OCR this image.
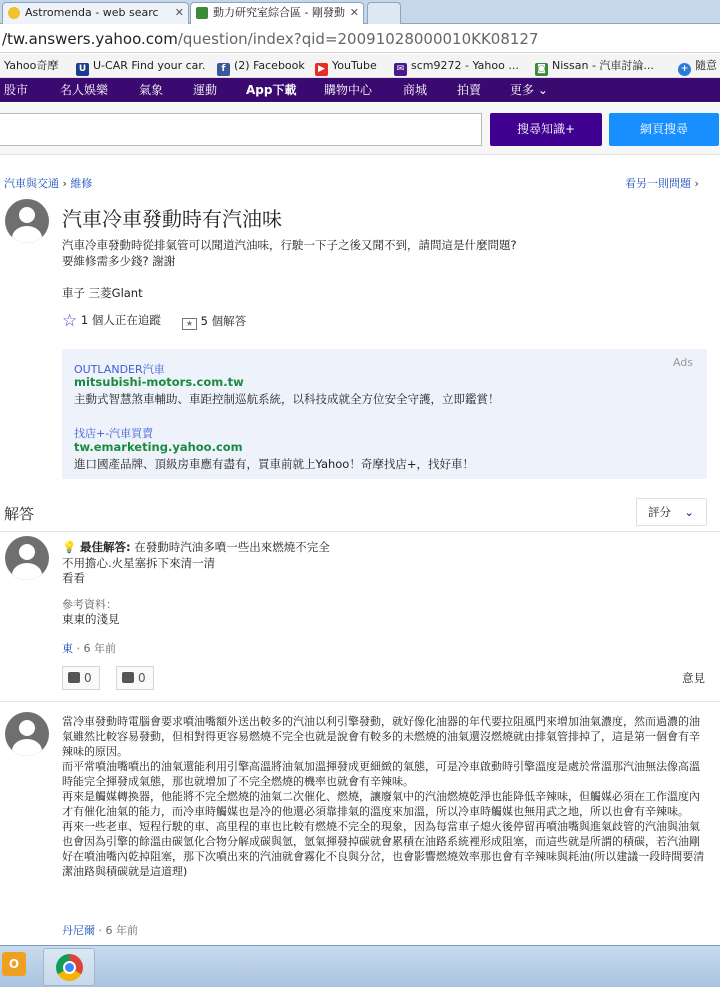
Astromenda - web searc ✕	動力研究室綜合區 - 剛發動 ✕
/tw.answers.yahoo.com/question/index?qid=20091028000010KK08127
Yahoo奇摩	U U-CAR Find your car.	f (2) Facebook	▶ YouTube	✉ scm9272 - Yahoo ... ◙ Nissan - 汽車討論...	+ 隨意
股市	名人娛樂	氣象 運動 App下載 購物中心	商城 拍賣 更多 ⌄
搜尋知識+	網頁搜尋
汽車與交通 › 維修	看另一則問題 ›
汽車冷車發動時有汽油味
汽車冷車發動時從排氣管可以聞道汽油味，行駛一下子之後又聞不到，請問這是什麼問題?
要維修需多少錢? 謝謝
車子 三菱Glant
☆ 1 個人正在追蹤	★ 5 個解答
Ads
OUTLANDER汽車
mitsubishi-motors.com.tw
主動式智慧煞車輔助、車距控制巡航系統，以科技成就全方位安全守護，立即鑑賞！
找店+-汽車買賣
tw.emarketing.yahoo.com
進口國產品牌、頂級房車應有盡有，買車前就上Yahoo！奇摩找店+，找好車！
解答	評分 ⌄
💡 最佳解答: 在發動時汽油多噴一些出來燃燒不完全
不用擔心.火星塞拆下來清一清
看看
參考資料：
東東的淺見
東 · 6 年前
0	0	意見
當冷車發動時電腦會要求噴油嘴額外送出較多的汽油以利引擎發動，就好像化油器的年代要拉阻風門來增加油氣濃度，然而過濃的油氣雖然比較容易發動，但相對得更容易燃燒不完全也就是說會有較多的未燃燒的油氣還沒燃燒就由排氣管排掉了，這是第一個會有辛辣味的原因。
而平常噴油嘴噴出的油氣還能利用引擎高溫將油氣加溫揮發成更細緻的氣態，可是冷車啟動時引擎溫度是處於常溫那汽油無法像高溫時能完全揮發成氣態，那也就增加了不完全燃燒的機率也就會有辛辣味。
再來是觸媒轉換器，他能將不完全燃燒的油氣二次催化、燃燒，讓廢氣中的汽油燃燒乾淨也能降低辛辣味，但觸媒必須在工作溫度內才有催化油氣的能力，而冷車時觸媒也是冷的他還必須靠排氣的溫度來加溫，所以冷車時觸媒也無用武之地，所以也會有辛辣味。
再來一些老車、短程行駛的車、高里程的車也比較有燃燒不完全的現象，因為每當車子熄火後停留再噴油嘴與進氣歧管的汽油與油氣也會因為引擎的餘溫由碳氫化合物分解成碳與氫，氫氣揮發掉碳就會累積在油路系統裡形成阻塞，而這些就是所謂的積碳，若汽油剛好在噴油嘴內乾掉阻塞，那下次噴出來的汽油就會霧化不良與分岔，也會影響燃燒效率那也會有辛辣味與耗油(所以建議一段時間要清潔油路與積碳就是這道理)
丹尼爾 · 6 年前
O
